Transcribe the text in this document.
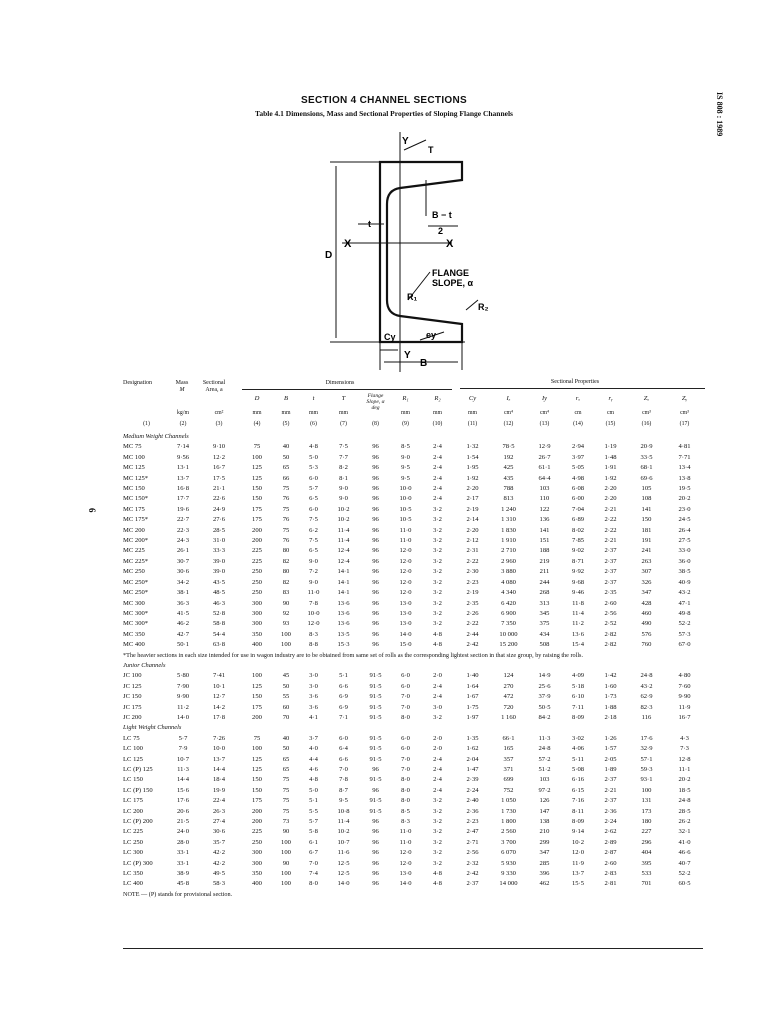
SECTION 4 CHANNEL SECTIONS
Table 4.1 Dimensions, Mass and Sectional Properties of Sloping Flange Channels	IS 808 : 1989
6
Y
T
t
B − t
2
X	X
D
FLANGE
SLOPE, α
R₁
R₂
Cy	ey
Y
B
Designation	Mass
M
Sectional
Area, a
Dimensions	Sectional Properties
D	B	t	T	R₁	R₂	Cy	Iₓ	Iy	rₓ	rᵧ	Zₓ	Zᵧ
Flange
Slope, α
deg
kg/m	cm²	mm	mm	mm	mm	mm	mm	mm	cm⁴	cm⁴	cm	cm	cm³	cm³
(1)	(2)	(3)	(4)	(5)	(6)	(7)	(8)	(9)	(10)	(11)	(12)	(13)	(14)	(15)	(16)	(17)
Medium Weight Channels																
MC 75	7·14	9·10	75	40	4·8	7·5	96	8·5	2·4	1·32	78·5	12·9	2·94	1·19	20·9	4·81
MC 100	9·56	12·2	100	50	5·0	7·7	96	9·0	2·4	1·54	192	26·7	3·97	1·48	33·5	7·71
MC 125	13·1	16·7	125	65	5·3	8·2	96	9·5	2·4	1·95	425	61·1	5·05	1·91	68·1	13·4
MC 125*	13·7	17·5	125	66	6·0	8·1	96	9·5	2·4	1·92	435	64·4	4·98	1·92	69·6	13·8
MC 150	16·8	21·1	150	75	5·7	9·0	96	10·0	2·4	2·20	788	103	6·08	2·20	105	19·5
MC 150*	17·7	22·6	150	76	6·5	9·0	96	10·0	2·4	2·17	813	110	6·00	2·20	108	20·2
MC 175	19·6	24·9	175	75	6·0	10·2	96	10·5	3·2	2·19	1 240	122	7·04	2·21	141	23·0
MC 175*	22·7	27·6	175	76	7·5	10·2	96	10·5	3·2	2·14	1 310	136	6·89	2·22	150	24·5
MC 200	22·3	28·5	200	75	6·2	11·4	96	11·0	3·2	2·20	1 830	141	8·02	2·22	181	26·4
MC 200*	24·3	31·0	200	76	7·5	11·4	96	11·0	3·2	2·12	1 910	151	7·85	2·21	191	27·5
MC 225	26·1	33·3	225	80	6·5	12·4	96	12·0	3·2	2·31	2 710	188	9·02	2·37	241	33·0
MC 225*	30·7	39·0	225	82	9·0	12·4	96	12·0	3·2	2·22	2 960	219	8·71	2·37	263	36·0
MC 250	30·6	39·0	250	80	7·2	14·1	96	12·0	3·2	2·30	3 880	211	9·92	2·37	307	38·5
MC 250*	34·2	43·5	250	82	9·0	14·1	96	12·0	3·2	2·23	4 080	244	9·68	2·37	326	40·9
MC 250*	38·1	48·5	250	83	11·0	14·1	96	12·0	3·2	2·19	4 340	268	9·46	2·35	347	43·2
MC 300	36·3	46·3	300	90	7·8	13·6	96	13·0	3·2	2·35	6 420	313	11·8	2·60	428	47·1
MC 300*	41·5	52·8	300	92	10·0	13·6	96	13·0	3·2	2·26	6 900	345	11·4	2·56	460	49·8
MC 300*	46·2	58·8	300	93	12·0	13·6	96	13·0	3·2	2·22	7 350	375	11·2	2·52	490	52·2
MC 350	42·7	54·4	350	100	8·3	13·5	96	14·0	4·8	2·44	10 000	434	13·6	2·82	576	57·3
MC 400	50·1	63·8	400	100	8·8	15·3	96	15·0	4·8	2·42	15 200	508	15·4	2·82	760	67·0
*The heavier sections in each size intended for use in wagon industry are to be obtained from same set of rolls as the corresponding lightest section in that size group, by raising the rolls.																
Junior Channels																
JC 100	5·80	7·41	100	45	3·0	5·1	91·5	6·0	2·0	1·40	124	14·9	4·09	1·42	24·8	4·80
JC 125	7·90	10·1	125	50	3·0	6·6	91·5	6·0	2·4	1·64	270	25·6	5·18	1·60	43·2	7·60
JC 150	9·90	12·7	150	55	3·6	6·9	91·5	7·0	2·4	1·67	472	37·9	6·10	1·73	62·9	9·90
JC 175	11·2	14·2	175	60	3·6	6·9	91·5	7·0	3·0	1·75	720	50·5	7·11	1·88	82·3	11·9
JC 200	14·0	17·8	200	70	4·1	7·1	91·5	8·0	3·2	1·97	1 160	84·2	8·09	2·18	116	16·7
Light Weight Channels																
LC 75	5·7	7·26	75	40	3·7	6·0	91·5	6·0	2·0	1·35	66·1	11·3	3·02	1·26	17·6	4·3
LC 100	7·9	10·0	100	50	4·0	6·4	91·5	6·0	2·0	1·62	165	24·8	4·06	1·57	32·9	7·3
LC 125	10·7	13·7	125	65	4·4	6·6	91·5	7·0	2·4	2·04	357	57·2	5·11	2·05	57·1	12·8
LC (P) 125	11·3	14·4	125	65	4·6	7·0	96	7·0	2·4	1·47	371	51·2	5·08	1·89	59·3	11·1
LC 150	14·4	18·4	150	75	4·8	7·8	91·5	8·0	2·4	2·39	699	103	6·16	2·37	93·1	20·2
LC (P) 150	15·6	19·9	150	75	5·0	8·7	96	8·0	2·4	2·24	752	97·2	6·15	2·21	100	18·5
LC 175	17·6	22·4	175	75	5·1	9·5	91·5	8·0	3·2	2·40	1 050	126	7·16	2·37	131	24·8
LC 200	20·6	26·3	200	75	5·5	10·8	91·5	8·5	3·2	2·36	1 730	147	8·11	2·36	173	28·5
LC (P) 200	21·5	27·4	200	73	5·7	11·4	96	8·3	3·2	2·23	1 800	138	8·09	2·24	180	26·2
LC 225	24·0	30·6	225	90	5·8	10·2	96	11·0	3·2	2·47	2 560	210	9·14	2·62	227	32·1
LC 250	28·0	35·7	250	100	6·1	10·7	96	11·0	3·2	2·71	3 700	299	10·2	2·89	296	41·0
LC 300	33·1	42·2	300	100	6·7	11·6	96	12·0	3·2	2·56	6 070	347	12·0	2·87	404	46·6
LC (P) 300	33·1	42·2	300	90	7·0	12·5	96	12·0	3·2	2·32	5 930	285	11·9	2·60	395	40·7
LC 350	38·9	49·5	350	100	7·4	12·5	96	13·0	4·8	2·42	9 330	396	13·7	2·83	533	52·2
LC 400	45·8	58·3	400	100	8·0	14·0	96	14·0	4·8	2·37	14 000	462	15·5	2·81	701	60·5
NOTE — (P) stands for provisional section.																
